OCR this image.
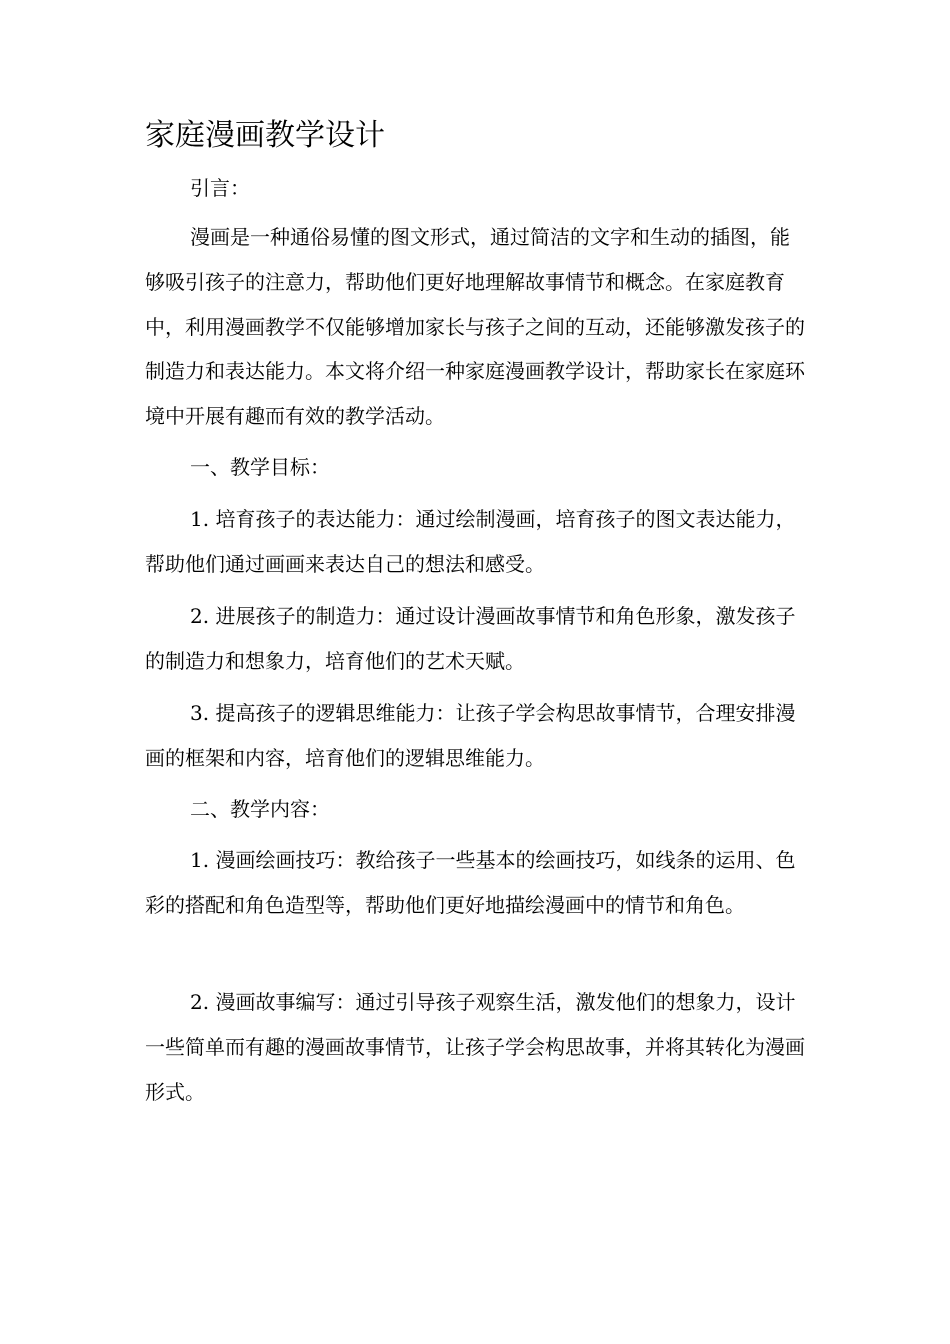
家庭漫画教学设计

引言：

漫画是一种通俗易懂的图文形式，通过简洁的文字和生动的插图，能够吸引孩子的注意力，帮助他们更好地理解故事情节和概念。在家庭教育中，利用漫画教学不仅能够增加家长与孩子之间的互动，还能够激发孩子的制造力和表达能力。本文将介绍一种家庭漫画教学设计，帮助家长在家庭环境中开展有趣而有效的教学活动。

一、教学目标：

1. 培育孩子的表达能力：通过绘制漫画，培育孩子的图文表达能力，帮助他们通过画画来表达自己的想法和感受。

2. 进展孩子的制造力：通过设计漫画故事情节和角色形象，激发孩子的制造力和想象力，培育他们的艺术天赋。

3. 提高孩子的逻辑思维能力：让孩子学会构思故事情节，合理安排漫画的框架和内容，培育他们的逻辑思维能力。

二、教学内容：

1. 漫画绘画技巧：教给孩子一些基本的绘画技巧，如线条的运用、色彩的搭配和角色造型等，帮助他们更好地描绘漫画中的情节和角色。

2. 漫画故事编写：通过引导孩子观察生活，激发他们的想象力，设计一些简单而有趣的漫画故事情节，让孩子学会构思故事，并将其转化为漫画形式。
